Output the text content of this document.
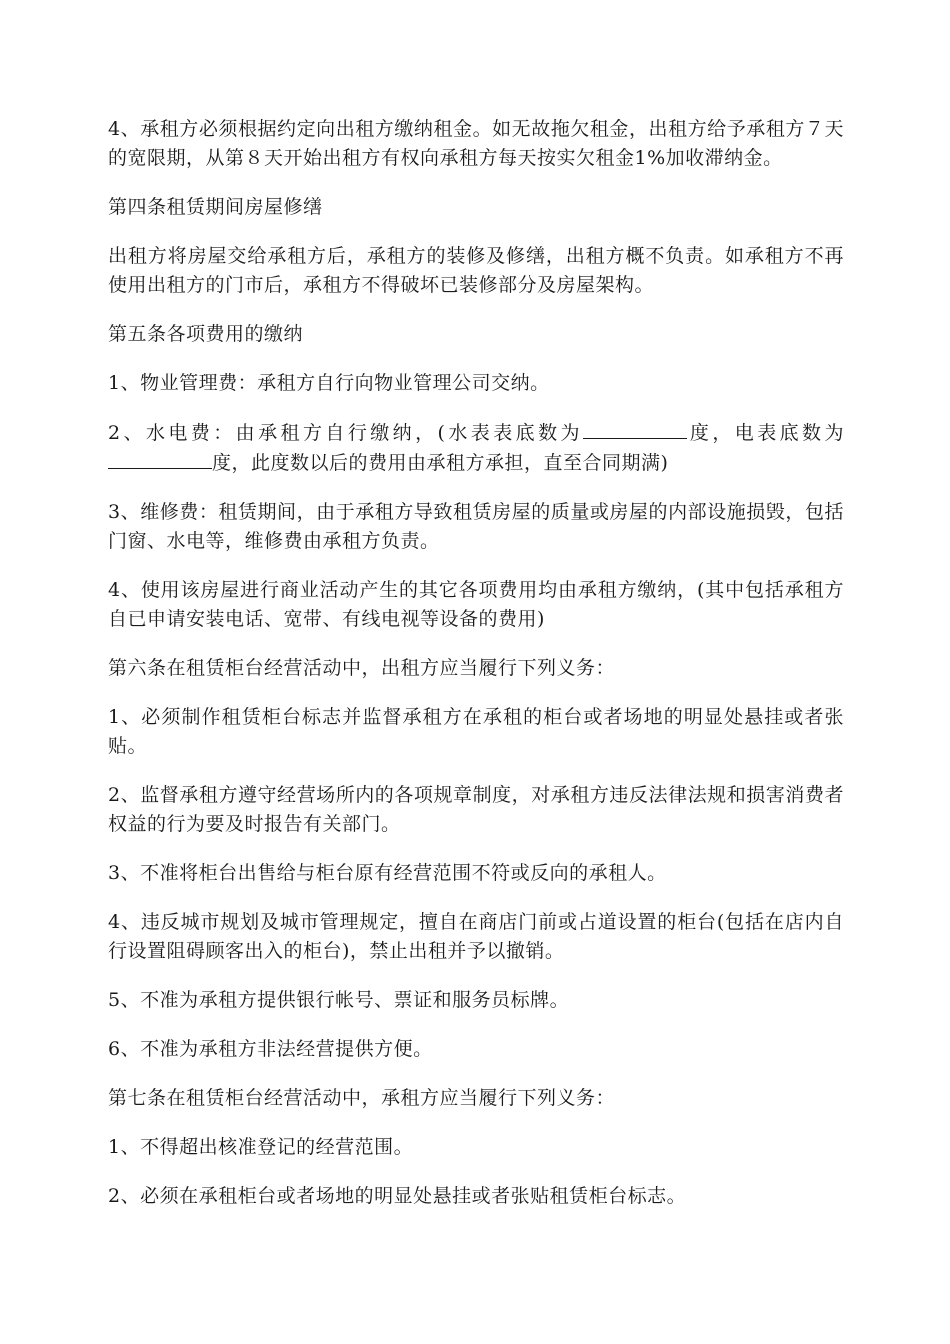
4、承租方必须根据约定向出租方缴纳租金。如无故拖欠租金，出租方给予承租方７天的宽限期，从第８天开始出租方有权向承租方每天按实欠租金1%加收滞纳金。

第四条租赁期间房屋修缮

出租方将房屋交给承租方后，承租方的装修及修缮，出租方概不负责。如承租方不再使用出租方的门市后，承租方不得破坏已装修部分及房屋架构。

第五条各项费用的缴纳

1、物业管理费：承租方自行向物业管理公司交纳。

2、水电费：由承租方自行缴纳，(水表表底数为	度，电表底数为度，此度数以后的费用由承租方承担，直至合同期满)

3、维修费：租赁期间，由于承租方导致租赁房屋的质量或房屋的内部设施损毁，包括门窗、水电等，维修费由承租方负责。

4、使用该房屋进行商业活动产生的其它各项费用均由承租方缴纳，(其中包括承租方自已申请安装电话、宽带、有线电视等设备的费用)

第六条在租赁柜台经营活动中，出租方应当履行下列义务：

1、必须制作租赁柜台标志并监督承租方在承租的柜台或者场地的明显处悬挂或者张贴。

2、监督承租方遵守经营场所内的各项规章制度，对承租方违反法律法规和损害消费者权益的行为要及时报告有关部门。

3、不准将柜台出售给与柜台原有经营范围不符或反向的承租人。

4、违反城市规划及城市管理规定，擅自在商店门前或占道设置的柜台(包括在店内自行设置阻碍顾客出入的柜台)，禁止出租并予以撤销。

5、不准为承租方提供银行帐号、票证和服务员标牌。

6、不准为承租方非法经营提供方便。

第七条在租赁柜台经营活动中，承租方应当履行下列义务：

1、不得超出核准登记的经营范围。

2、必须在承租柜台或者场地的明显处悬挂或者张贴租赁柜台标志。
